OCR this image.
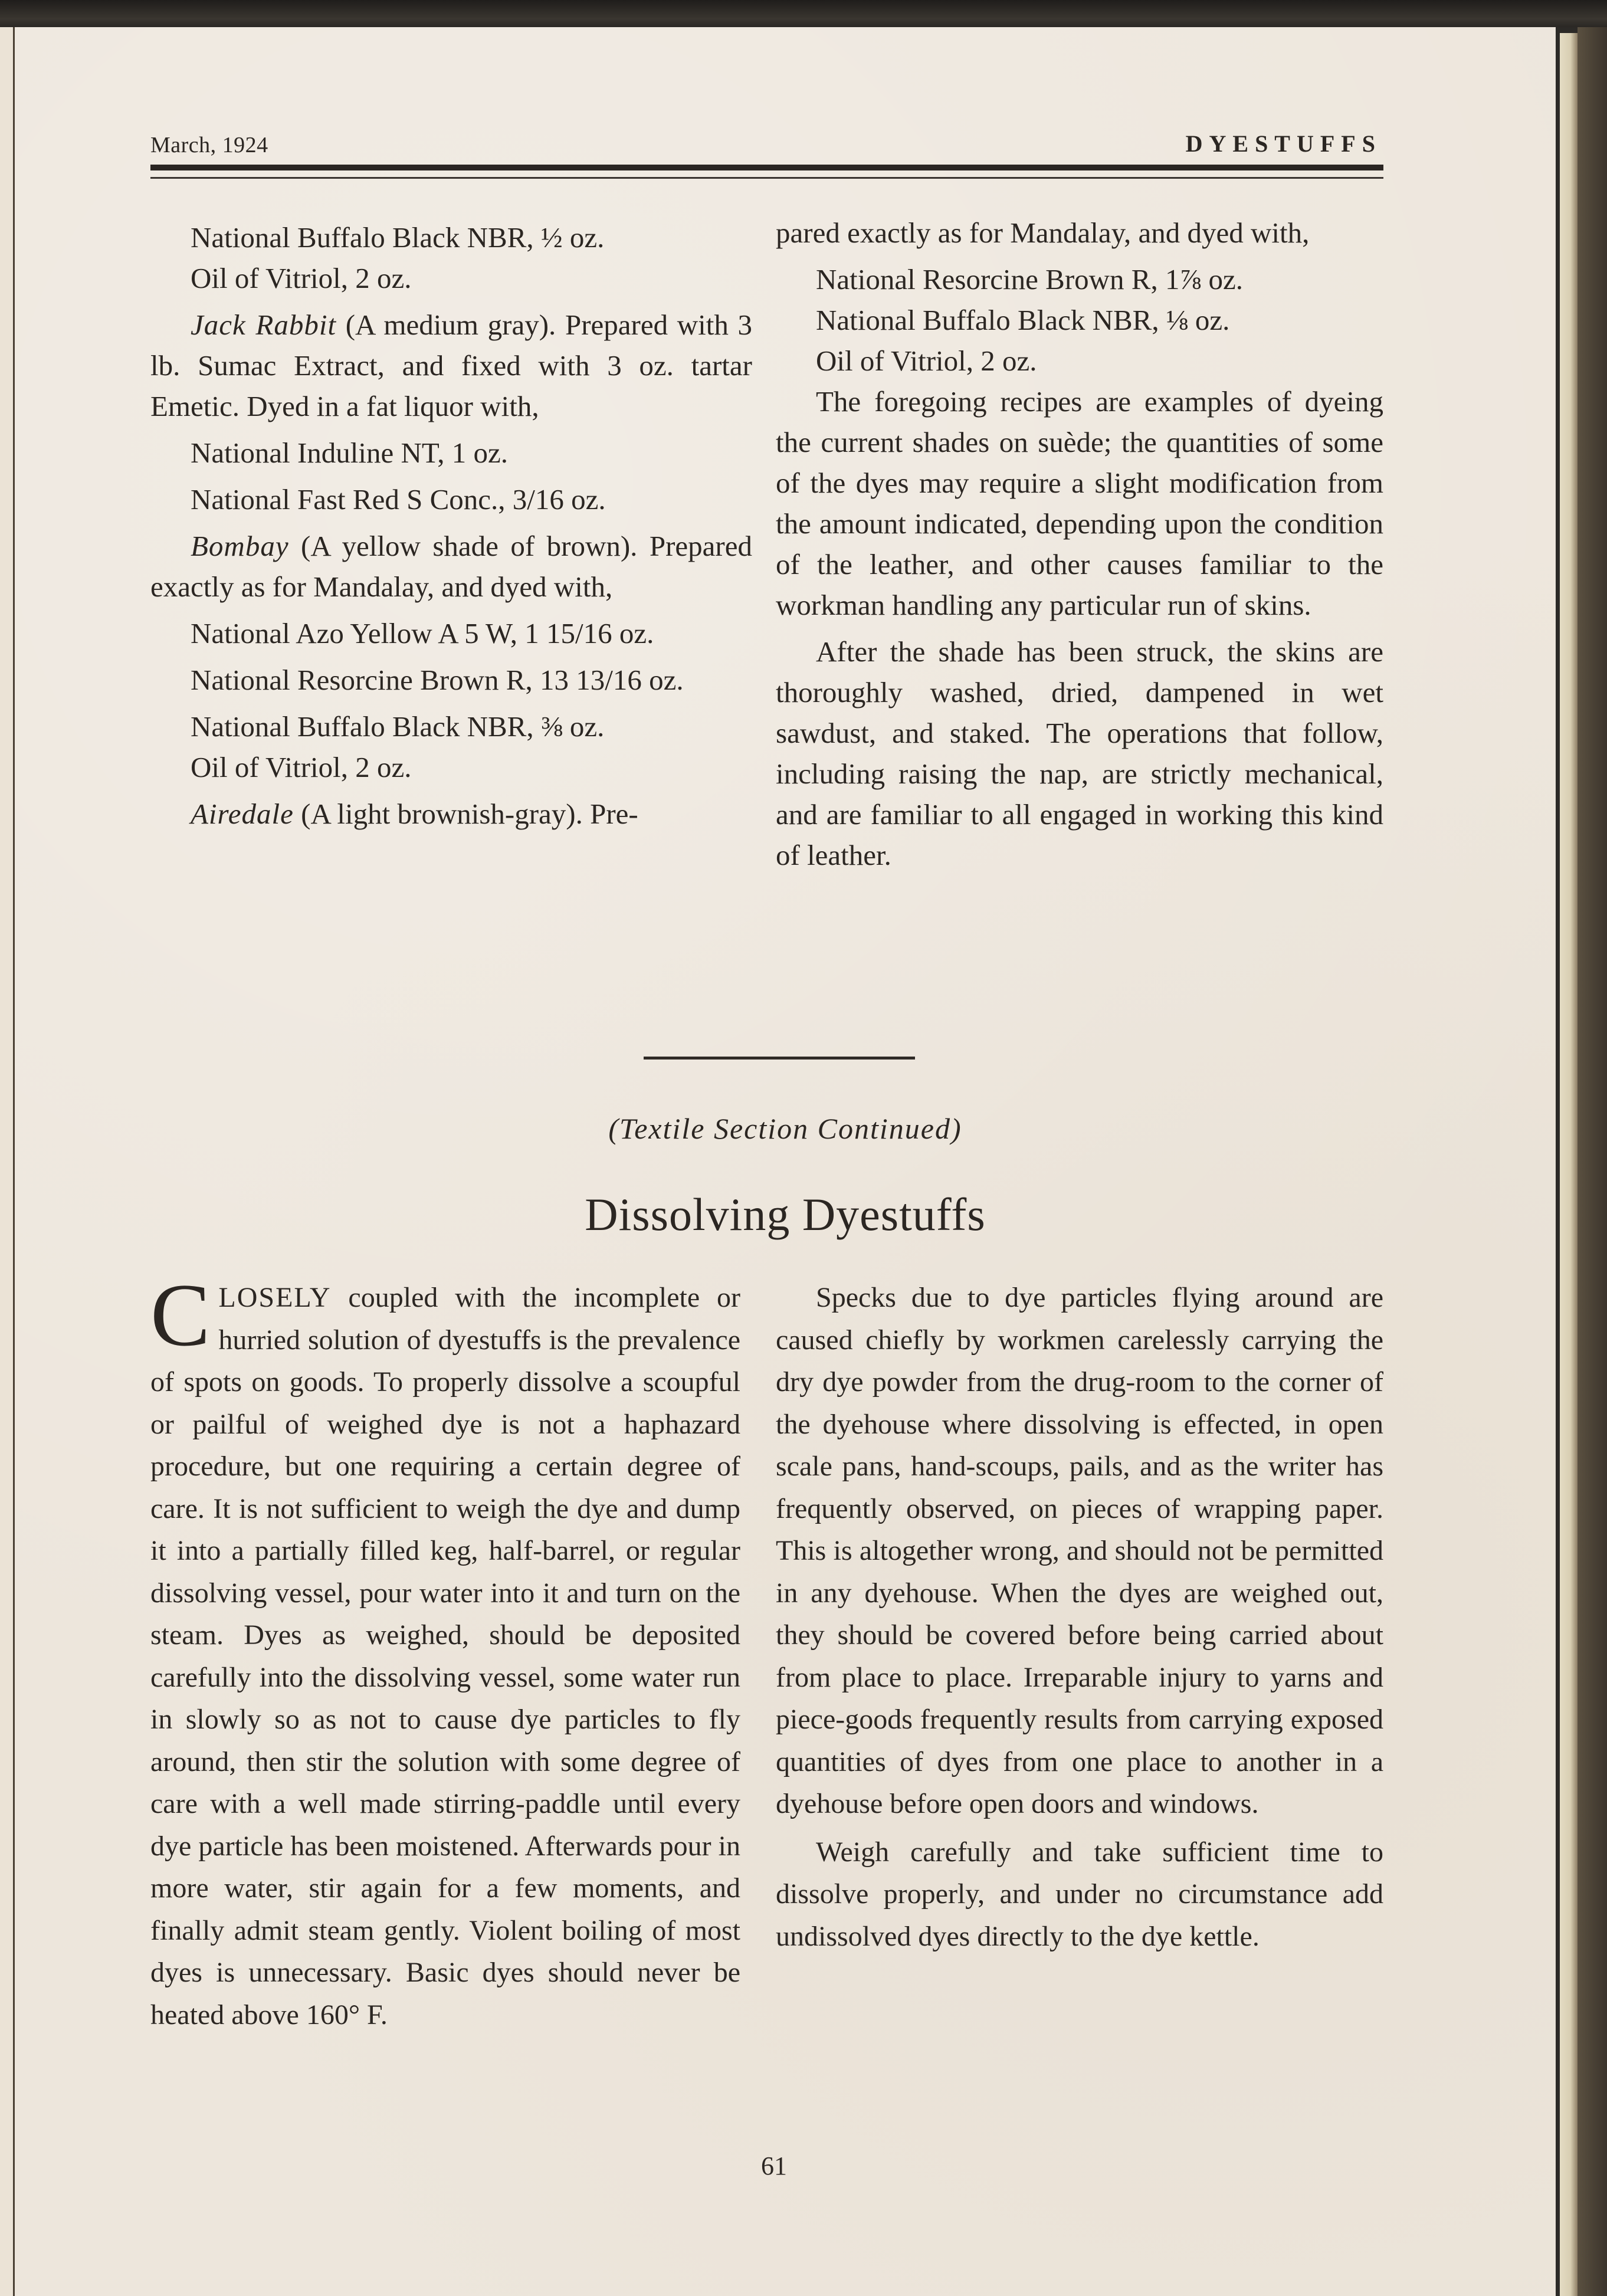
March, 1924	DYESTUFFS

National Buffalo Black NBR, ½ oz.

Oil of Vitriol, 2 oz.

Jack Rabbit (A medium gray). Prepared with 3 lb. Sumac Extract, and fixed with 3 oz. tartar Emetic. Dyed in a fat liquor with,

National Induline NT, 1 oz.

National Fast Red S Conc., 3/16 oz.

Bombay (A yellow shade of brown). Prepared exactly as for Mandalay, and dyed with,

National Azo Yellow A 5 W, 1 15/16 oz.

National Resorcine Brown R, 13 13/16 oz.

National Buffalo Black NBR, ⅜ oz.

Oil of Vitriol, 2 oz.

Airedale (A light brownish-gray). Pre-

pared exactly as for Mandalay, and dyed with,

National Resorcine Brown R, 1⅞ oz.

National Buffalo Black NBR, ⅛ oz.

Oil of Vitriol, 2 oz.

The foregoing recipes are examples of dyeing the current shades on suède; the quantities of some of the dyes may require a slight modification from the amount indicated, depending upon the condition of the leather, and other causes familiar to the workman handling any particular run of skins.

After the shade has been struck, the skins are thoroughly washed, dried, dampened in wet sawdust, and staked. The operations that follow, including raising the nap, are strictly mechanical, and are familiar to all engaged in working this kind of leather.

(Textile Section Continued)
Dissolving Dyestuffs

CLOSELY coupled with the incomplete or hurried solution of dyestuffs is the prevalence of spots on goods. To properly dissolve a scoupful or pailful of weighed dye is not a haphazard procedure, but one requiring a certain degree of care. It is not sufficient to weigh the dye and dump it into a partially filled keg, half-barrel, or regular dissolving vessel, pour water into it and turn on the steam. Dyes as weighed, should be deposited carefully into the dissolving vessel, some water run in slowly so as not to cause dye particles to fly around, then stir the solution with some degree of care with a well made stirring-paddle until every dye particle has been moistened. Afterwards pour in more water, stir again for a few moments, and finally admit steam gently. Violent boiling of most dyes is unnecessary. Basic dyes should never be heated above 160° F.

Specks due to dye particles flying around are caused chiefly by workmen carelessly carrying the dry dye powder from the drug-room to the corner of the dyehouse where dissolving is effected, in open scale pans, hand-scoups, pails, and as the writer has frequently observed, on pieces of wrapping paper. This is altogether wrong, and should not be permitted in any dyehouse. When the dyes are weighed out, they should be covered before being carried about from place to place. Irreparable injury to yarns and piece-goods frequently results from carrying exposed quantities of dyes from one place to another in a dyehouse before open doors and windows.

Weigh carefully and take sufficient time to dissolve properly, and under no circumstance add undissolved dyes directly to the dye kettle.

61
